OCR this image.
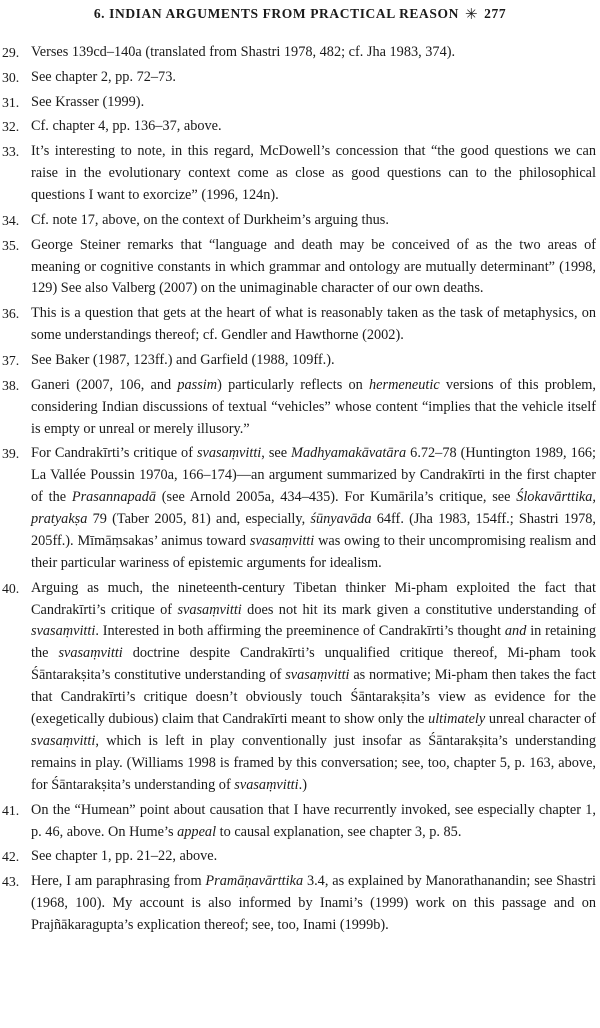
6. INDIAN ARGUMENTS FROM PRACTICAL REASON ✳ 277
29. Verses 139cd–140a (translated from Shastri 1978, 482; cf. Jha 1983, 374).
30. See chapter 2, pp. 72–73.
31. See Krasser (1999).
32. Cf. chapter 4, pp. 136–37, above.
33. It’s interesting to note, in this regard, McDowell’s concession that “the good questions we can raise in the evolutionary context come as close as good questions can to the philosophical questions I want to exorcize” (1996, 124n).
34. Cf. note 17, above, on the context of Durkheim’s arguing thus.
35. George Steiner remarks that “language and death may be conceived of as the two areas of meaning or cognitive constants in which grammar and ontology are mutually determinant” (1998, 129) See also Valberg (2007) on the unimaginable character of our own deaths.
36. This is a question that gets at the heart of what is reasonably taken as the task of metaphysics, on some understandings thereof; cf. Gendler and Hawthorne (2002).
37. See Baker (1987, 123ff.) and Garfield (1988, 109ff.).
38. Ganeri (2007, 106, and passim) particularly reflects on hermeneutic versions of this problem, considering Indian discussions of textual “vehicles” whose content “implies that the vehicle itself is empty or unreal or merely illusory.”
39. For Candrakīrti’s critique of svasaṃvitti, see Madhyamakāvatāra 6.72–78 (Huntington 1989, 166; La Vallée Poussin 1970a, 166–174)—an argument summarized by Candrakīrti in the first chapter of the Prasannapadā (see Arnold 2005a, 434–435). For Kumārila’s critique, see Ślokavārttika, pratyakṣa 79 (Taber 2005, 81) and, especially, śūnyavāda 64ff. (Jha 1983, 154ff.; Shastri 1978, 205ff.). Mīmāṃsakas’ animus toward svasaṃvitti was owing to their uncompromising realism and their particular wariness of epistemic arguments for idealism.
40. Arguing as much, the nineteenth-century Tibetan thinker Mi-pham exploited the fact that Candrakīrti’s critique of svasaṃvitti does not hit its mark given a constitutive understanding of svasaṃvitti. Interested in both affirming the preeminence of Candrakīrti’s thought and in retaining the svasaṃvitti doctrine despite Candrakīrti’s unqualified critique thereof, Mi-pham took Śāntarakṣita’s constitutive understanding of svasaṃvitti as normative; Mi-pham then takes the fact that Candrakīrti’s critique doesn’t obviously touch Śāntarakṣita’s view as evidence for the (exegetically dubious) claim that Candrakīrti meant to show only the ultimately unreal character of svasaṃvitti, which is left in play conventionally just insofar as Śāntarakṣita’s understanding remains in play. (Williams 1998 is framed by this conversation; see, too, chapter 5, p. 163, above, for Śāntarakṣita’s understanding of svasaṃvitti.)
41. On the “Humean” point about causation that I have recurrently invoked, see especially chapter 1, p. 46, above. On Hume’s appeal to causal explanation, see chapter 3, p. 85.
42. See chapter 1, pp. 21–22, above.
43. Here, I am paraphrasing from Pramāṇavārttika 3.4, as explained by Manorathanandin; see Shastri (1968, 100). My account is also informed by Inami’s (1999) work on this passage and on Prajñākaragupta’s explication thereof; see, too, Inami (1999b).
